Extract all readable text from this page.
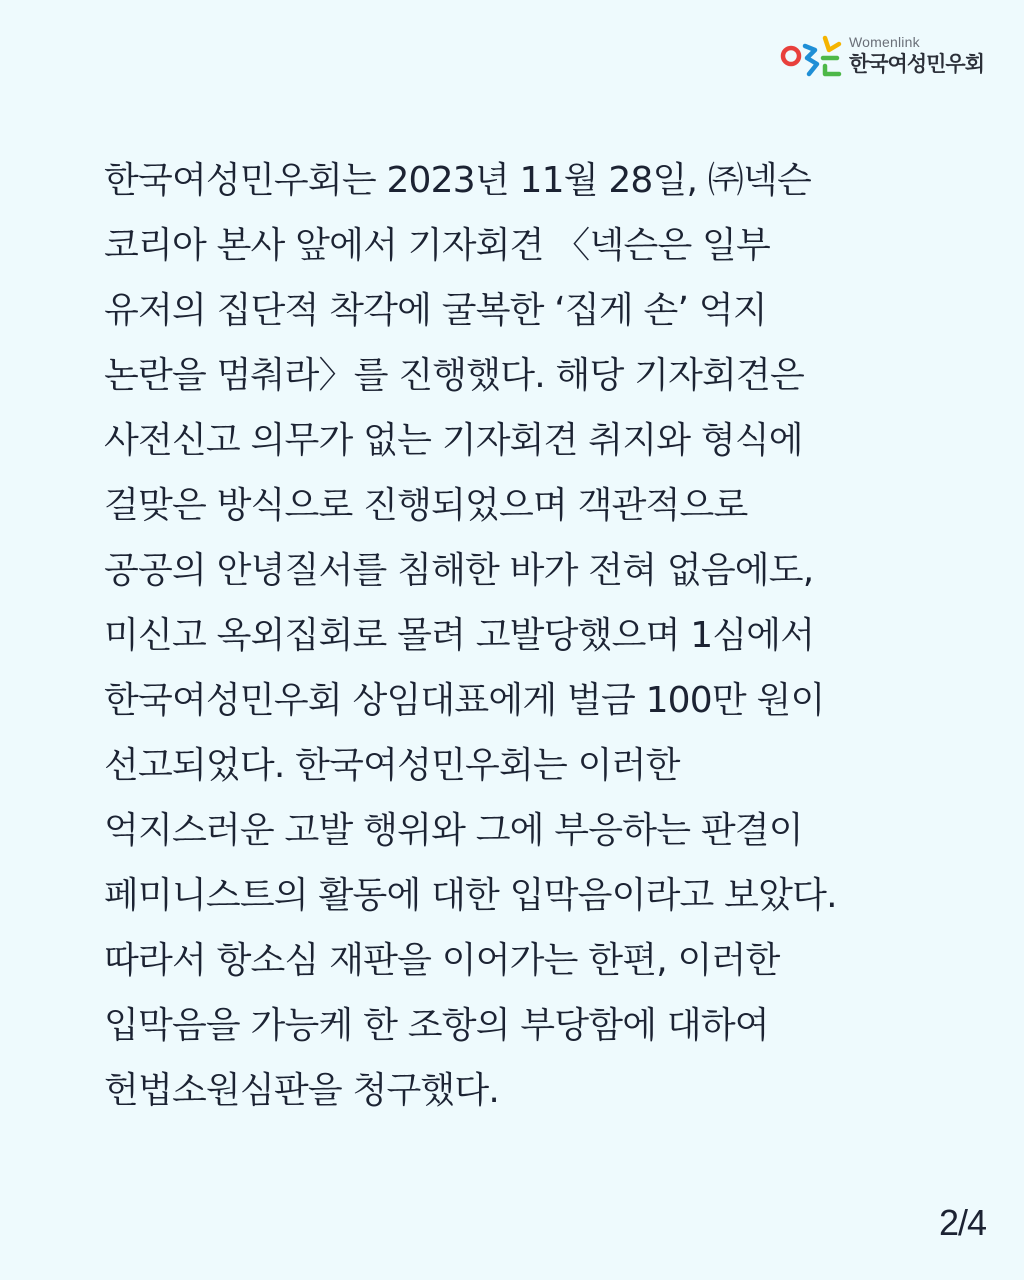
Womenlink
한국여성민우회
한국여성민우회는 2023년 11월 28일, ㈜넥슨
코리아 본사 앞에서 기자회견 〈넥슨은 일부
유저의 집단적 착각에 굴복한 ‘집게 손’ 억지
논란을 멈춰라〉를 진행했다. 해당 기자회견은
사전신고 의무가 없는 기자회견 취지와 형식에
걸맞은 방식으로 진행되었으며 객관적으로
공공의 안녕질서를 침해한 바가 전혀 없음에도,
미신고 옥외집회로 몰려 고발당했으며 1심에서
한국여성민우회 상임대표에게 벌금 100만 원이
선고되었다. 한국여성민우회는 이러한
억지스러운 고발 행위와 그에 부응하는 판결이
페미니스트의 활동에 대한 입막음이라고 보았다.
따라서 항소심 재판을 이어가는 한편, 이러한
입막음을 가능케 한 조항의 부당함에 대하여
헌법소원심판을 청구했다.
2/4
